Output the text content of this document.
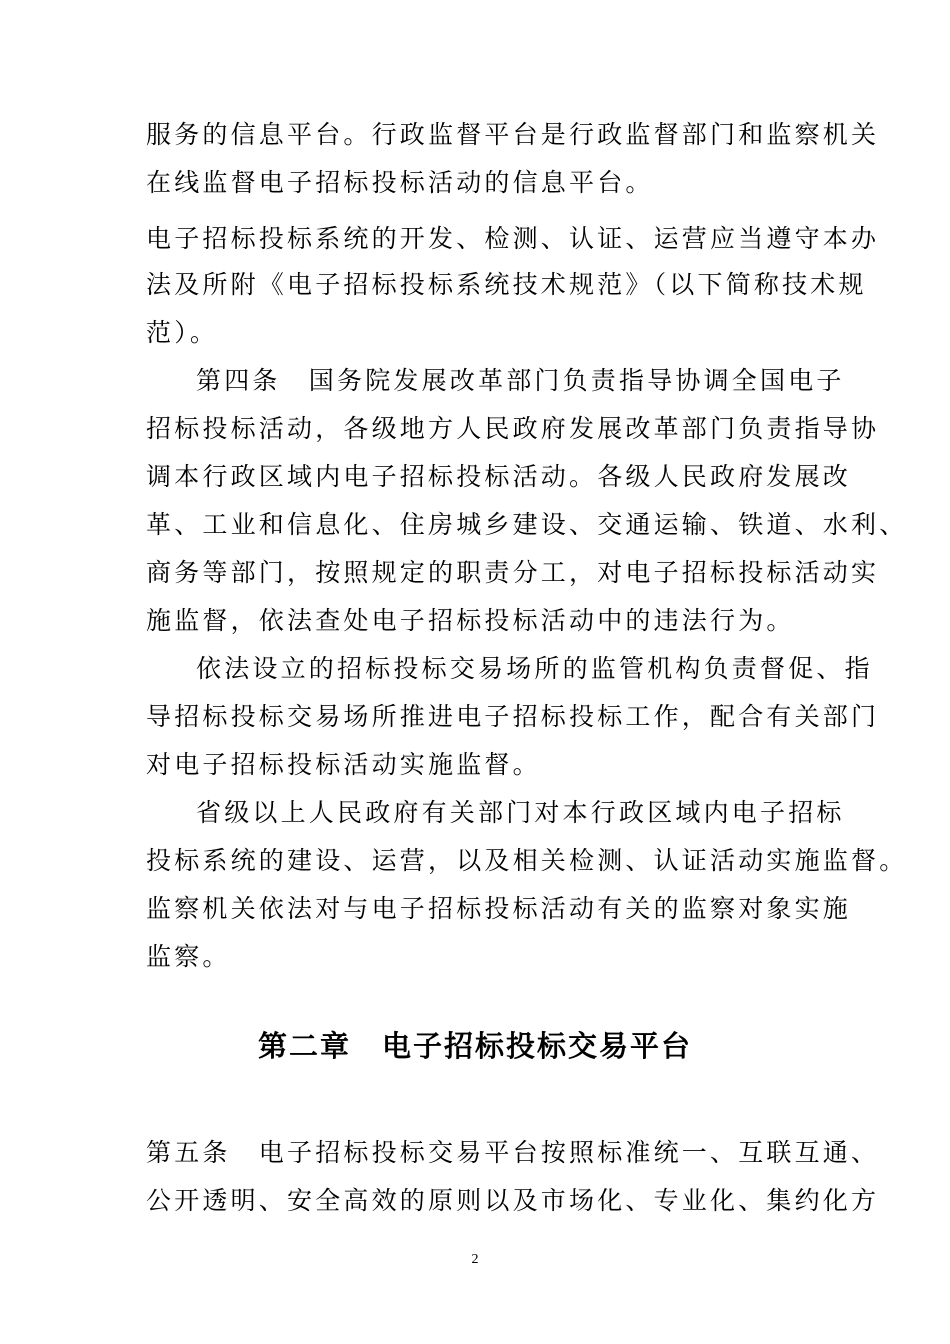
服务的信息平台。行政监督平台是行政监督部门和监察机关
在线监督电子招标投标活动的信息平台。
电子招标投标系统的开发、检测、认证、运营应当遵守本办
法及所附《电子招标投标系统技术规范》（以下简称技术规
范）。
第四条　国务院发展改革部门负责指导协调全国电子
招标投标活动，各级地方人民政府发展改革部门负责指导协
调本行政区域内电子招标投标活动。各级人民政府发展改
革、工业和信息化、住房城乡建设、交通运输、铁道、水利、
商务等部门，按照规定的职责分工，对电子招标投标活动实
施监督，依法查处电子招标投标活动中的违法行为。
依法设立的招标投标交易场所的监管机构负责督促、指
导招标投标交易场所推进电子招标投标工作，配合有关部门
对电子招标投标活动实施监督。
省级以上人民政府有关部门对本行政区域内电子招标
投标系统的建设、运营，以及相关检测、认证活动实施监督。
监察机关依法对与电子招标投标活动有关的监察对象实施
监察。
第二章　电子招标投标交易平台
第五条　电子招标投标交易平台按照标准统一、互联互通、
公开透明、安全高效的原则以及市场化、专业化、集约化方
2
